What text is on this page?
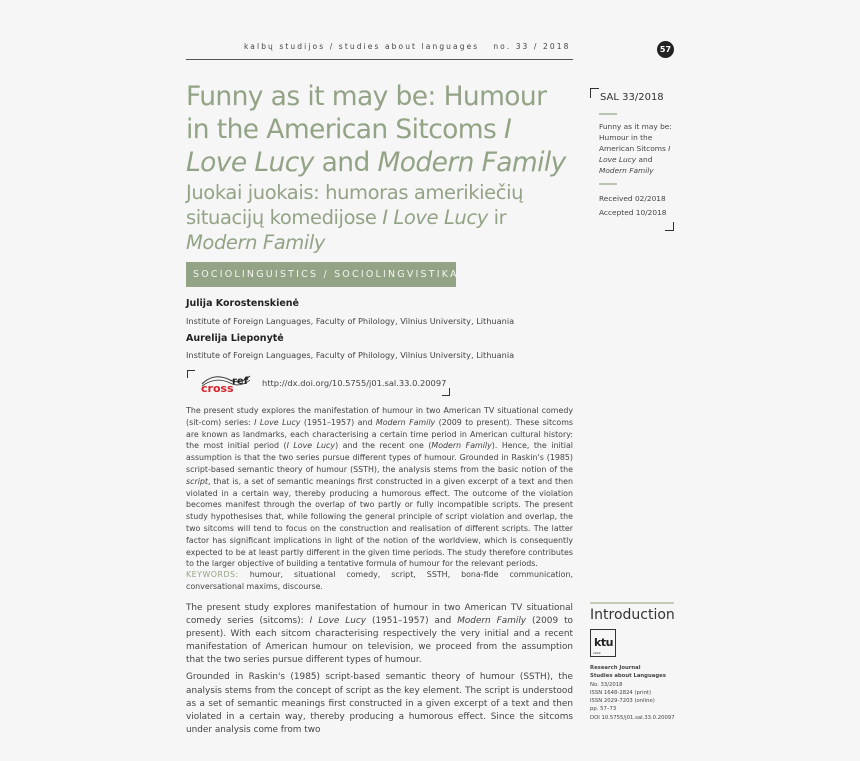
kalbų studijos / studies about languages no. 33 / 2018	57
Funny as it may be: Humour in the American Sitcoms I Love Lucy and Modern Family
Juokai juokais: humoras amerikiečių situacijų komedijose I Love Lucy ir Modern Family
SOCIOLINGUISTICS / SOCIOLINGVISTIKA
Julija Korostenskienė
Institute of Foreign Languages, Faculty of Philology, Vilnius University, Lithuania
Aurelija Lieponytė
Institute of Foreign Languages, Faculty of Philology, Vilnius University, Lithuania
cross
ref http://dx.doi.org/10.5755/j01.sal.33.0.20097
The present study explores the manifestation of humour in two American TV situational comedy (sit-com) series: I Love Lucy (1951–1957) and Modern Family (2009 to present). These sitcoms are known as landmarks, each characterising a certain time period in American cultural history: the most initial period (I Love Lucy) and the recent one (Modern Family). Hence, the initial assumption is that the two series pursue different types of humour. Grounded in Raskin's (1985) script-based semantic theory of humour (SSTH), the analysis stems from the basic notion of the script, that is, a set of semantic meanings first constructed in a given excerpt of a text and then violated in a certain way, thereby producing a humorous effect. The outcome of the violation becomes manifest through the overlap of two partly or fully incompatible scripts. The present study hypothesises that, while following the general principle of script violation and overlap, the two sitcoms will tend to focus on the construction and realisation of different scripts. The latter factor has significant implications in light of the notion of the worldview, which is consequently expected to be at least partly different in the given time periods. The study therefore contributes to the larger objective of building a tentative formula of humour for the relevant periods.
KEYWORDS: humour, situational comedy, script, SSTH, bona-fide communication, conversational maxims, discourse.

The present study explores manifestation of humour in two American TV situational comedy series (sitcoms): I Love Lucy (1951–1957) and Modern Family (2009 to present). With each sitcom characterising respectively the very initial and a recent manifestation of American humour on television, we proceed from the assumption that the two series pursue different types of humour.

Grounded in Raskin's (1985) script-based semantic theory of humour (SSTH), the analysis stems from the concept of script as the key element. The script is understood as a set of semantic meanings first constructed in a given excerpt of a text and then violated in a certain way, thereby producing a humorous effect. Since the sitcoms under analysis come from two

SAL 33/2018
Funny as it may be: Humour in the American Sitcoms I Love Lucy and Modern Family
Received 02/2018
Accepted 10/2018
Introduction
ktu
1922
Research Journal
Studies about Languages
No. 33/2018
ISSN 1648-2824 (print)
ISSN 2029-7203 (online)
pp. 57–73
DOI 10.5755/j01.sal.33.0.20097
